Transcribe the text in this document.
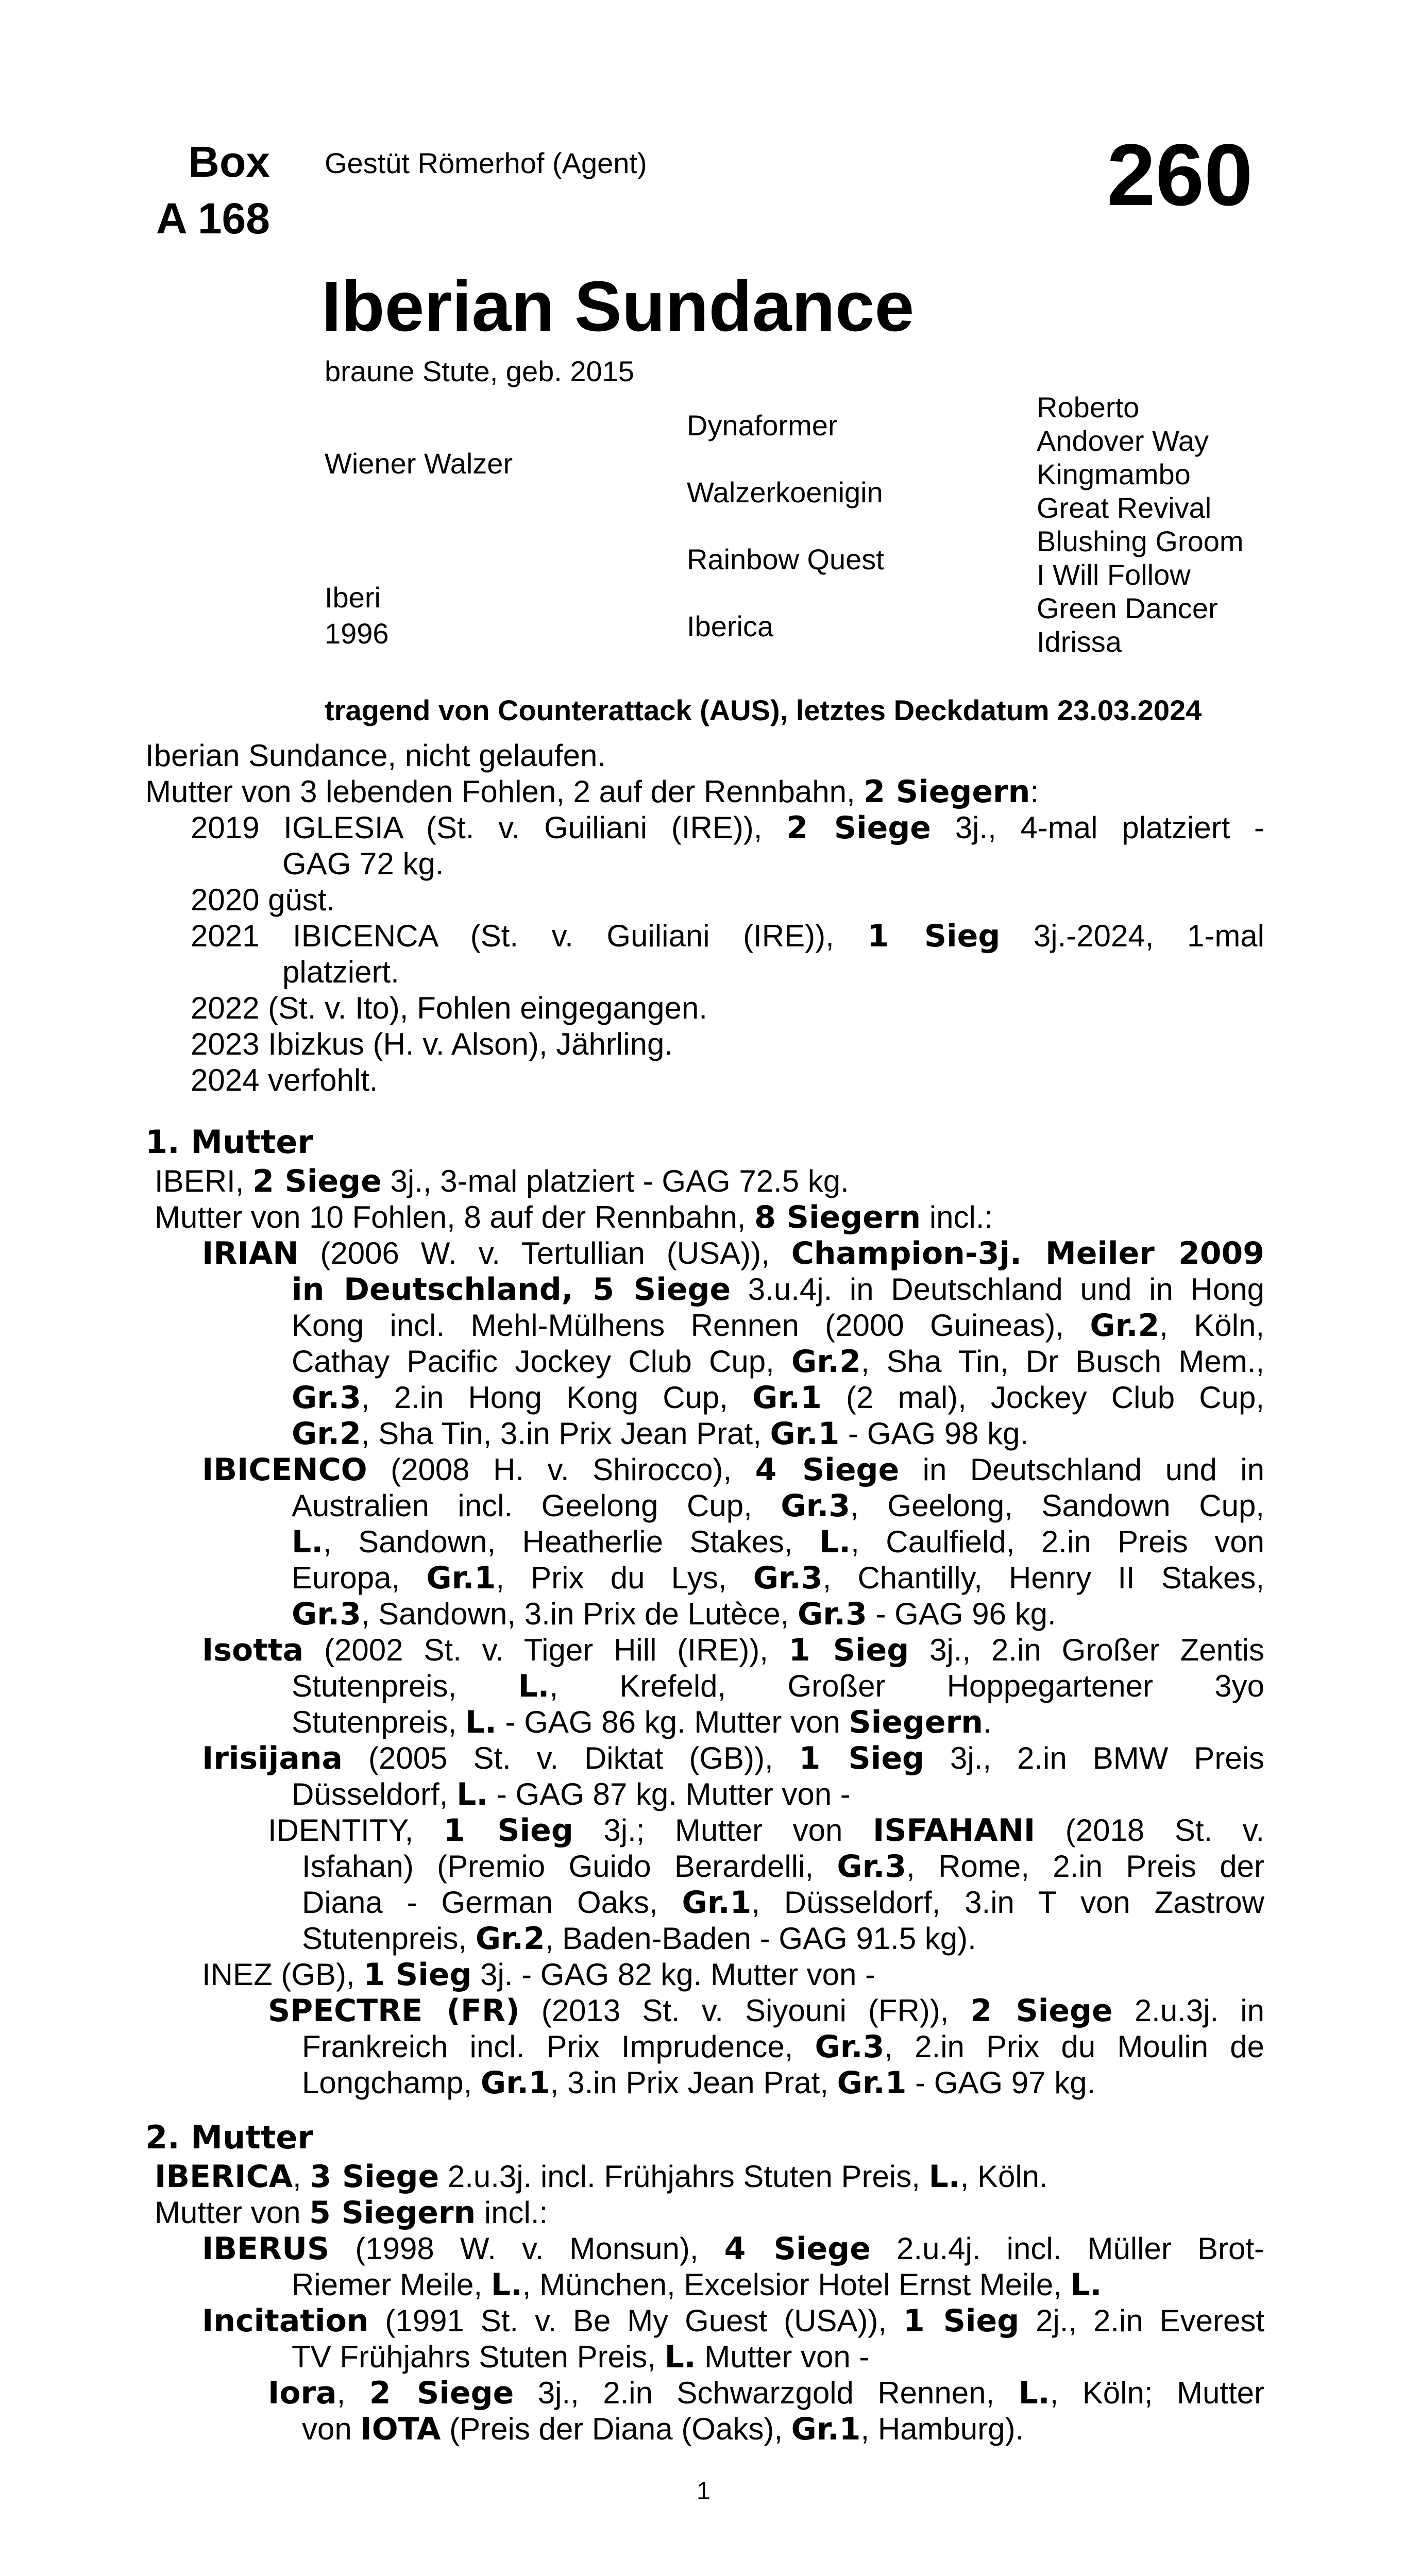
Box
A 168
Gestüt Römerhof (Agent)	260
Iberian Sundance
braune Stute, geb. 2015
Wiener Walzer
Iberi
1996
Dynaformer
Walzerkoenigin
Rainbow Quest
Iberica
Roberto
Andover Way
Kingmambo
Great Revival
Blushing Groom
I Will Follow
Green Dancer
Idrissa
tragend von Counterattack (AUS), letztes Deckdatum 23.03.2024
Iberian Sundance, nicht gelaufen.
Mutter von 3 lebenden Fohlen, 2 auf der Rennbahn, 2 Siegern:
2019 IGLESIA (St. v. Guiliani (IRE)), 2 Siege 3j., 4-mal platziert -
GAG 72 kg.
2020 güst.
2021 IBICENCA (St. v. Guiliani (IRE)), 1 Sieg 3j.-2024, 1-mal
platziert.
2022 (St. v. Ito), Fohlen eingegangen.
2023 Ibizkus (H. v. Alson), Jährling.
2024 verfohlt.
1. Mutter
IBERI, 2 Siege 3j., 3-mal platziert - GAG 72.5 kg.
Mutter von 10 Fohlen, 8 auf der Rennbahn, 8 Siegern incl.:
IRIAN (2006 W. v. Tertullian (USA)), Champion-3j. Meiler 2009
in Deutschland, 5 Siege 3.u.4j. in Deutschland und in Hong
Kong incl. Mehl-Mülhens Rennen (2000 Guineas), Gr.2, Köln,
Cathay Pacific Jockey Club Cup, Gr.2, Sha Tin, Dr Busch Mem.,
Gr.3, 2.in Hong Kong Cup, Gr.1 (2 mal), Jockey Club Cup,
Gr.2, Sha Tin, 3.in Prix Jean Prat, Gr.1 - GAG 98 kg.
IBICENCO (2008 H. v. Shirocco), 4 Siege in Deutschland und in
Australien incl. Geelong Cup, Gr.3, Geelong, Sandown Cup,
L., Sandown, Heatherlie Stakes, L., Caulfield, 2.in Preis von
Europa, Gr.1, Prix du Lys, Gr.3, Chantilly, Henry II Stakes,
Gr.3, Sandown, 3.in Prix de Lutèce, Gr.3 - GAG 96 kg.
Isotta (2002 St. v. Tiger Hill (IRE)), 1 Sieg 3j., 2.in Großer Zentis
Stutenpreis, L., Krefeld, Großer Hoppegartener 3yo
Stutenpreis, L. - GAG 86 kg. Mutter von Siegern.
Irisijana (2005 St. v. Diktat (GB)), 1 Sieg 3j., 2.in BMW Preis
Düsseldorf, L. - GAG 87 kg. Mutter von -
IDENTITY, 1 Sieg 3j.; Mutter von ISFAHANI (2018 St. v.
Isfahan) (Premio Guido Berardelli, Gr.3, Rome, 2.in Preis der
Diana - German Oaks, Gr.1, Düsseldorf, 3.in T von Zastrow
Stutenpreis, Gr.2, Baden-Baden - GAG 91.5 kg).
INEZ (GB), 1 Sieg 3j. - GAG 82 kg. Mutter von -
SPECTRE (FR) (2013 St. v. Siyouni (FR)), 2 Siege 2.u.3j. in
Frankreich incl. Prix Imprudence, Gr.3, 2.in Prix du Moulin de
Longchamp, Gr.1, 3.in Prix Jean Prat, Gr.1 - GAG 97 kg.
2. Mutter
IBERICA, 3 Siege 2.u.3j. incl. Frühjahrs Stuten Preis, L., Köln.
Mutter von 5 Siegern incl.:
IBERUS (1998 W. v. Monsun), 4 Siege 2.u.4j. incl. Müller Brot-
Riemer Meile, L., München, Excelsior Hotel Ernst Meile, L.
Incitation (1991 St. v. Be My Guest (USA)), 1 Sieg 2j., 2.in Everest
TV Frühjahrs Stuten Preis, L. Mutter von -
Iora, 2 Siege 3j., 2.in Schwarzgold Rennen, L., Köln; Mutter
von IOTA (Preis der Diana (Oaks), Gr.1, Hamburg).
1
